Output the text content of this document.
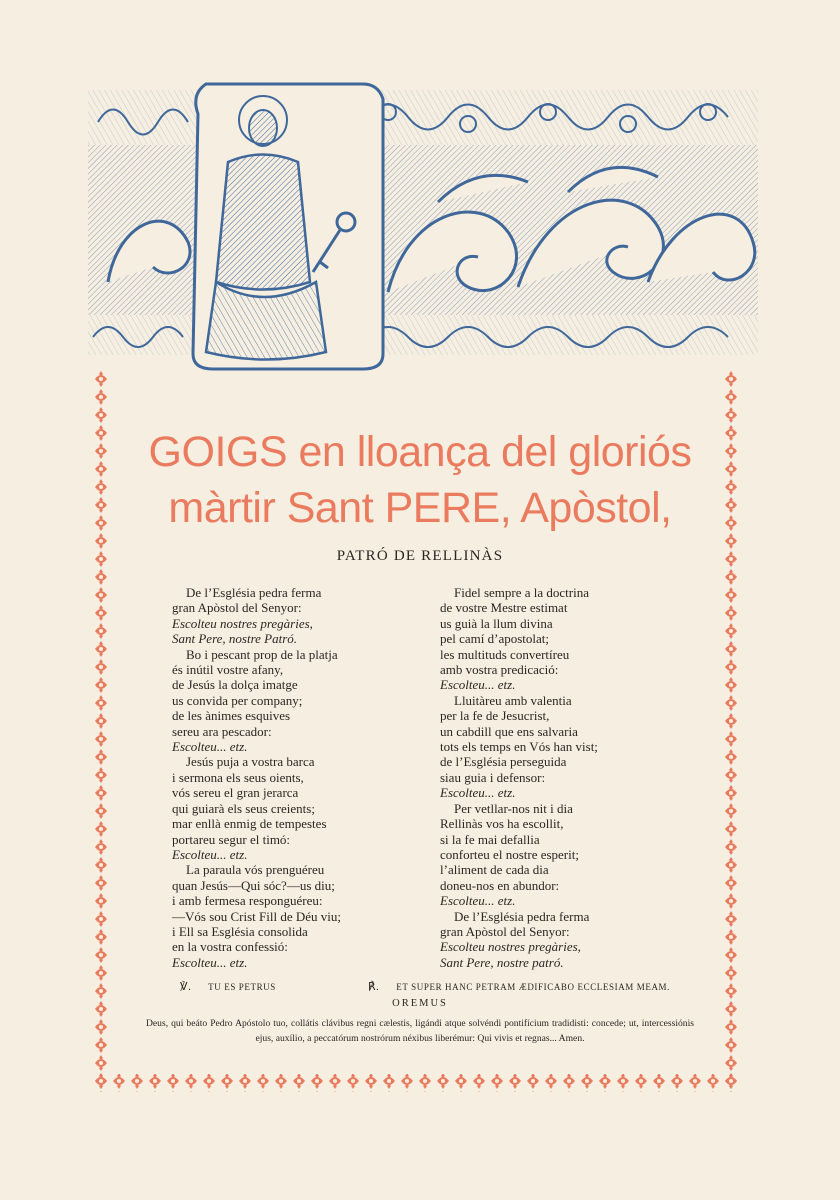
GOIGS en lloança del gloriós
màrtir Sant PERE, Apòstol,
PATRÓ DE RELLINÀS

De l’Església pedra ferma

gran Apòstol del Senyor:

Escolteu nostres pregàries,

Sant Pere, nostre Patró.

Bo i pescant prop de la platja

és inútil vostre afany,

de Jesús la dolça imatge

us convida per company;

de les ànimes esquives

sereu ara pescador:

Escolteu... etz.

Jesús puja a vostra barca

i sermona els seus oients,

vós sereu el gran jerarca

qui guiarà els seus creients;

mar enllà enmig de tempestes

portareu segur el timó:

Escolteu... etz.

La paraula vós prenguéreu

quan Jesús—Qui sóc?—us diu;

i amb fermesa responguéreu:

—Vós sou Crist Fill de Déu viu;

i Ell sa Església consolida

en la vostra confessió:

Escolteu... etz.

Fidel sempre a la doctrina

de vostre Mestre estimat

us guià la llum divina

pel camí d’apostolat;

les multituds convertíreu

amb vostra predicació:

Escolteu... etz.

Lluitàreu amb valentia

per la fe de Jesucrist,

un cabdill que ens salvaria

tots els temps en Vós han vist;

de l’Església perseguida

siau guia i defensor:

Escolteu... etz.

Per vetllar-nos nit i dia

Rellinàs vos ha escollit,

si la fe mai defallia

conforteu el nostre esperit;

l’aliment de cada dia

doneu-nos en abundor:

Escolteu... etz.

De l’Església pedra ferma

gran Apòstol del Senyor:

Escolteu nostres pregàries,

Sant Pere, nostre patró.

℣. TU ES PETRUS	℟. ET SUPER HANC PETRAM ÆDIFICABO ECCLESIAM MEAM.
OREMUS
Deus, qui beáto Pedro Apóstolo tuo, collátis clávibus regni cælestis, ligándi atque solvéndi pontifícium tradidisti: concede; ut, intercessiónis ejus, auxílio, a peccatórum nostrórum néxibus liberémur: Qui vivis et regnas... Amen.
